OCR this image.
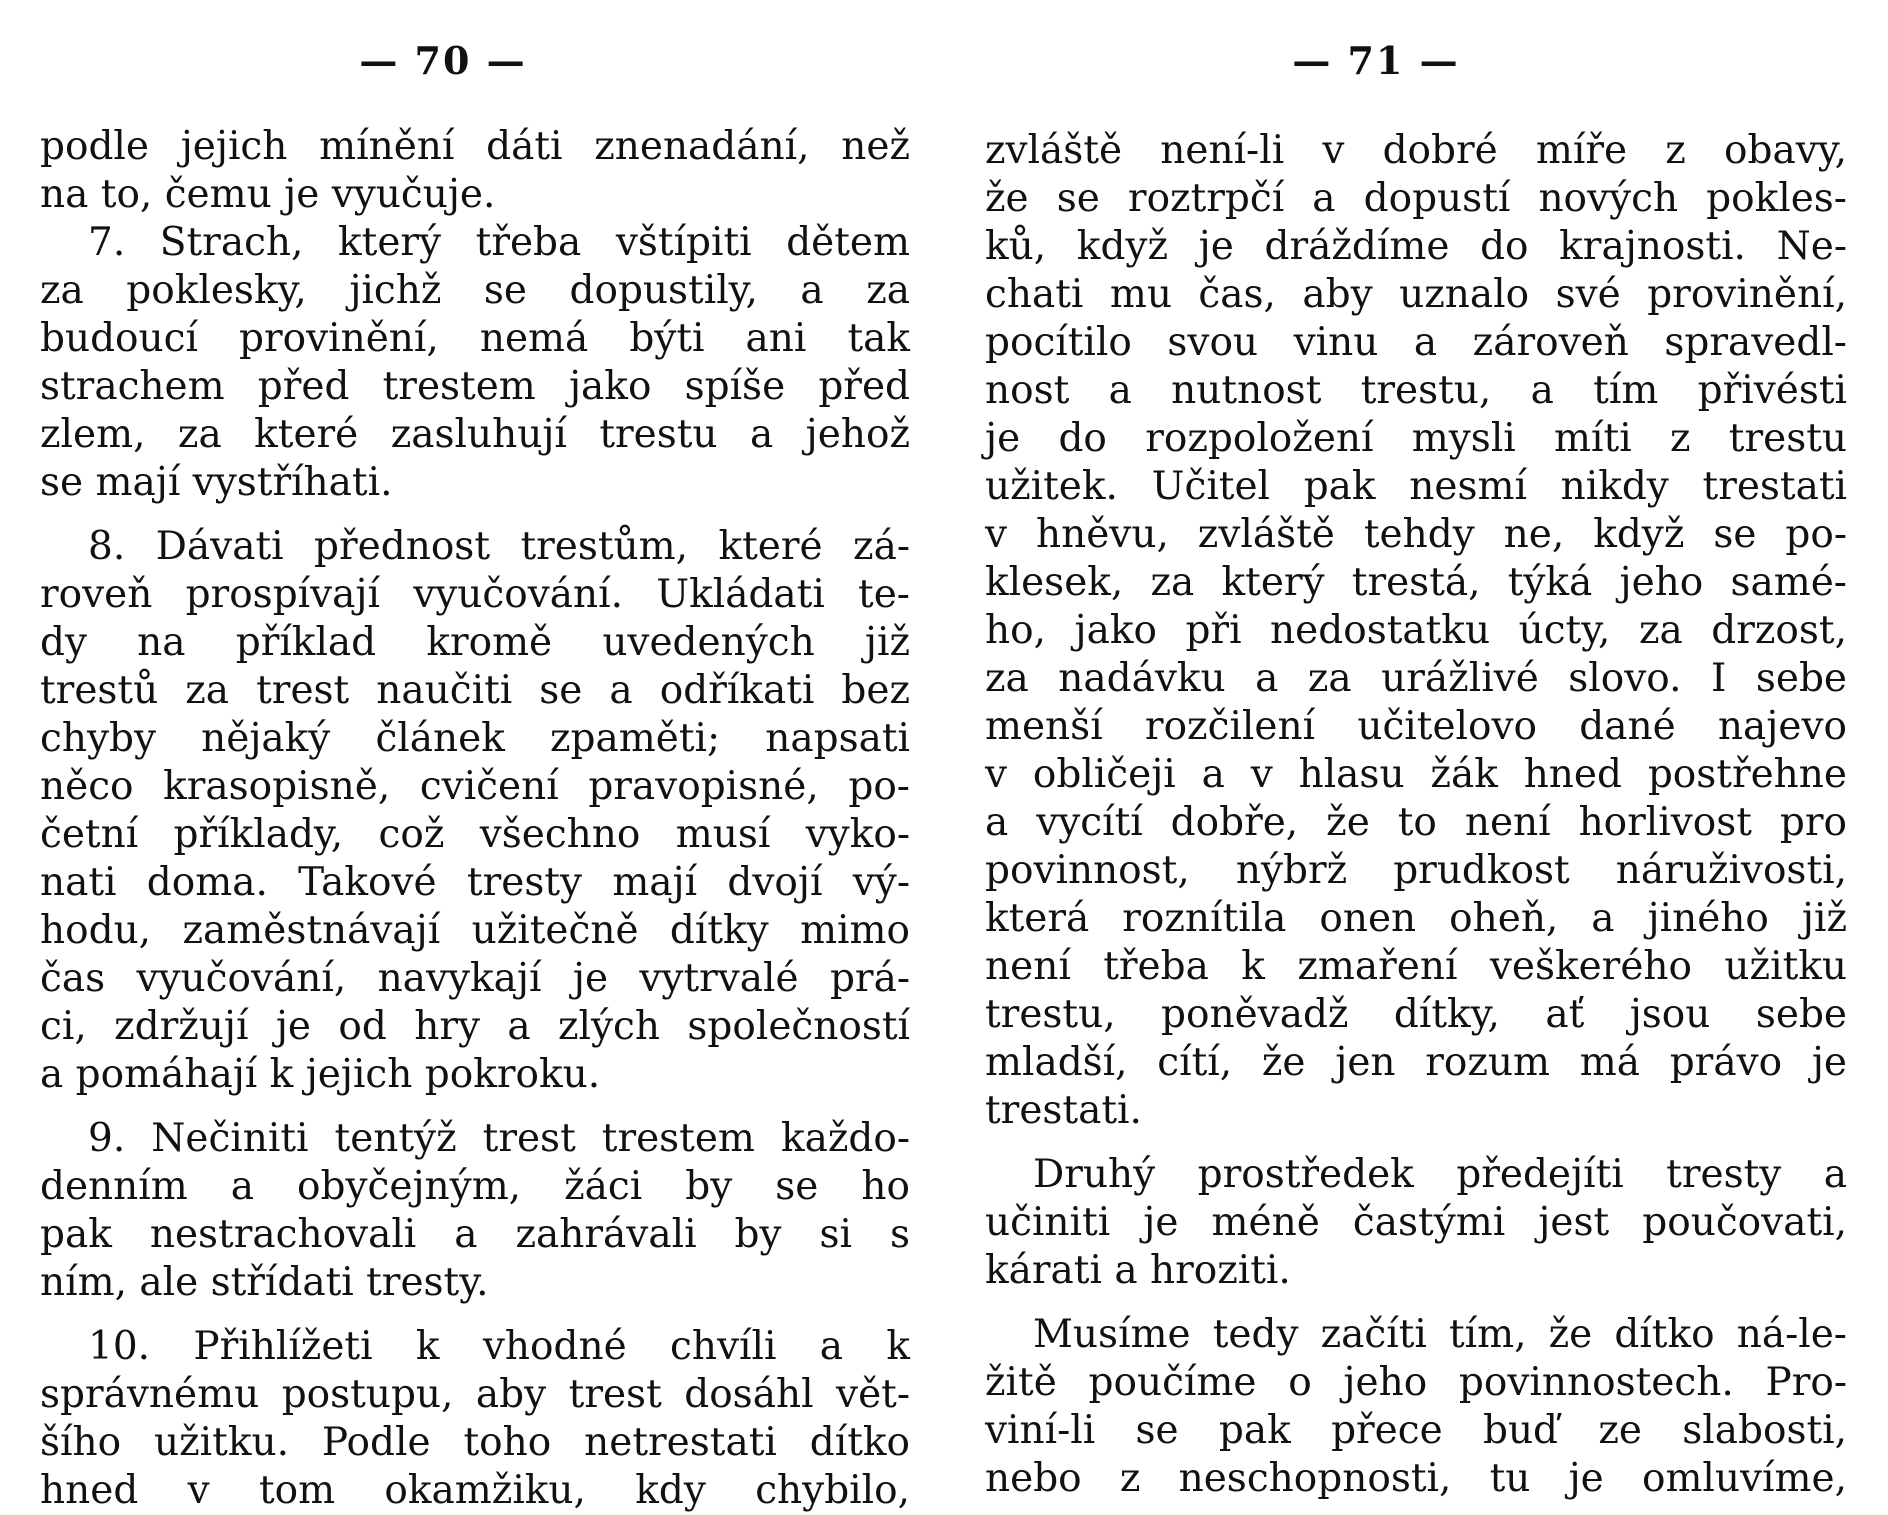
— 70 —
podle jejich mínění dáti znenadání, než
na to, čemu je vyučuje.
7. Strach, který třeba vštípiti dětem
za poklesky, jichž se dopustily, a za
budoucí provinění, nemá býti ani tak
strachem před trestem jako spíše před
zlem, za které zasluhují trestu a jehož
se mají vystříhati.
8. Dávati přednost trestům, které zá-
roveň prospívají vyučování. Ukládati te-
dy na příklad kromě uvedených již
trestů za trest naučiti se a odříkati bez
chyby nějaký článek zpaměti; napsati
něco krasopisně, cvičení pravopisné, po-
četní příklady, což všechno musí vyko-
nati doma. Takové tresty mají dvojí vý-
hodu, zaměstnávají užitečně dítky mimo
čas vyučování, navykají je vytrvalé prá-
ci, zdržují je od hry a zlých společností
a pomáhají k jejich pokroku.
9. Nečiniti tentýž trest trestem každo-
denním a obyčejným, žáci by se ho
pak nestrachovali a zahrávali by si s
ním, ale střídati tresty.
10. Přihlížeti k vhodné chvíli a k
správnému postupu, aby trest dosáhl vět-
šího užitku. Podle toho netrestati dítko
hned v tom okamžiku, kdy chybilo,
— 71 —
zvláště není-li v dobré míře z obavy,
že se roztrpčí a dopustí nových pokles-
ků, když je dráždíme do krajnosti. Ne-
chati mu čas, aby uznalo své provinění,
pocítilo svou vinu a zároveň spravedl-
nost a nutnost trestu, a tím přivésti
je do rozpoložení mysli míti z trestu
užitek. Učitel pak nesmí nikdy trestati
v hněvu, zvláště tehdy ne, když se po-
klesek, za který trestá, týká jeho samé-
ho, jako při nedostatku úcty, za drzost,
za nadávku a za urážlivé slovo. I sebe
menší rozčilení učitelovo dané najevo
v obličeji a v hlasu žák hned postřehne
a vycítí dobře, že to není horlivost pro
povinnost, nýbrž prudkost náruživosti,
která roznítila onen oheň, a jiného již
není třeba k zmaření veškerého užitku
trestu, poněvadž dítky, ať jsou sebe
mladší, cítí, že jen rozum má právo je
trestati.
Druhý prostředek předejíti tresty a
učiniti je méně častými jest poučovati,
kárati a hroziti.
Musíme tedy začíti tím, že dítko ná-le-
žitě poučíme o jeho povinnostech. Pro-
viní-li se pak přece buď ze slabosti,
nebo z neschopnosti, tu je omluvíme,
